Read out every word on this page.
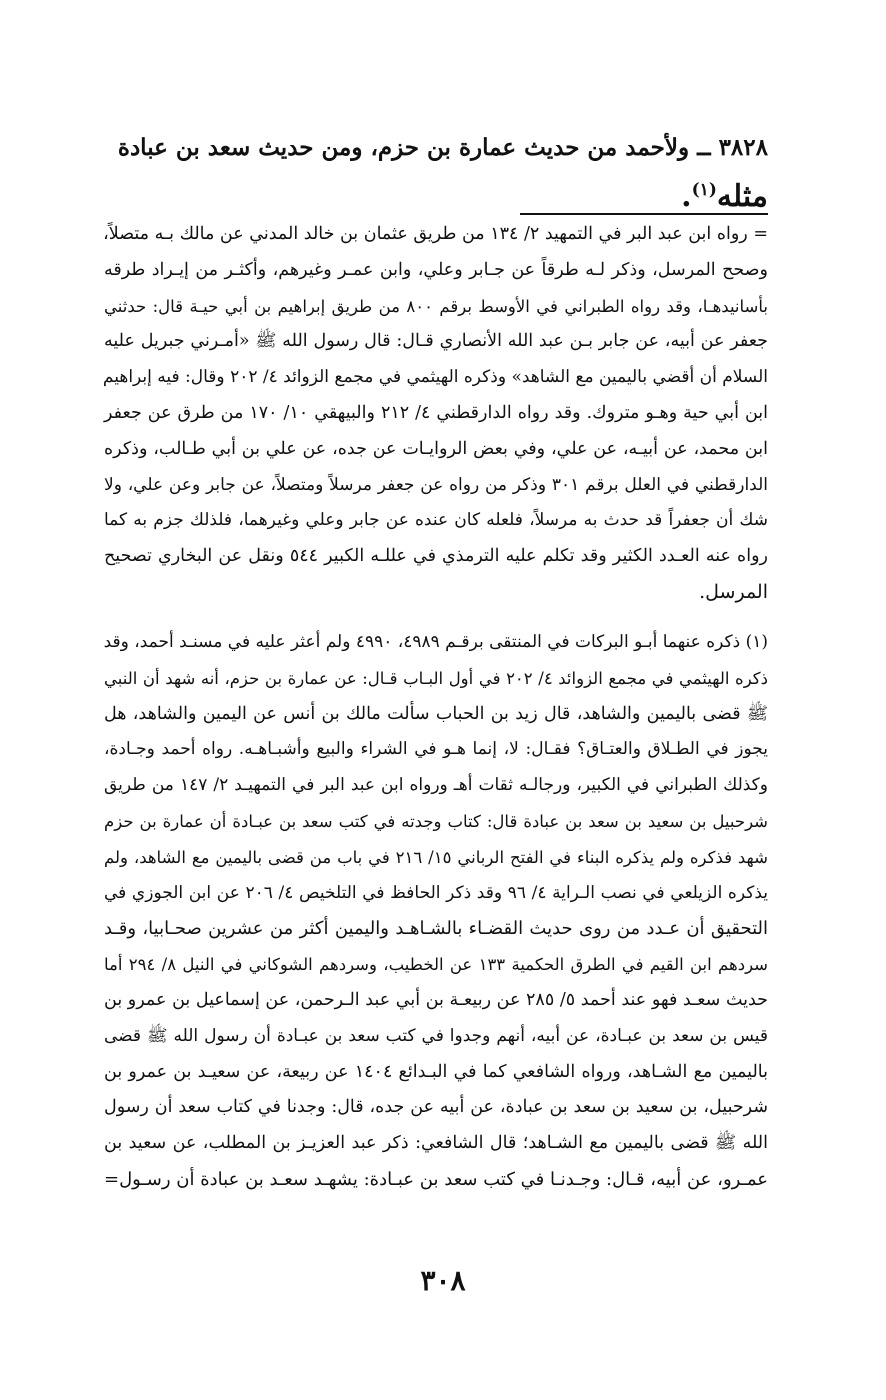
٣٨٢٨ ــ ولأحمد من حديث عمارة بن حزم، ومن حديث سعد بن عبادة
مثله$^{(١)}$.
= رواه ابن عبد البر في التمهيد ٢/ ١٣٤ من طريق عثمان بن خالد المدني عن مالك بـه متصلاً،
وصحح المرسل، وذكر لـه طرقاً عن جـابر وعلي، وابن عمـر وغيرهم، وأكثـر من إيـراد طرقه
بأسانيدهـا، وقد رواه الطبراني في الأوسط برقم ٨٠٠ من طريق إبراهيم بن أبي حيـة قال: حدثني
جعفر عن أبيه، عن جابر بـن عبد الله الأنصاري قـال: قال رسول الله ﷺ «أمـرني جبريل عليه
السلام أن أقضي باليمين مع الشاهد» وذكره الهيثمي في مجمع الزوائد ٤/ ٢٠٢ وقال: فيه إبراهيم
ابن أبي حية وهـو متروك. وقد رواه الدارقطني ٤/ ٢١٢ والبيهقي ١٠/ ١٧٠ من طرق عن جعفر
ابن محمد، عن أبيـه، عن علي، وفي بعض الروايـات عن جده، عن علي بن أبي طـالب، وذكره
الدارقطني في العلل برقم ٣٠١ وذكر من رواه عن جعفر مرسلاً ومتصلاً، عن جابر وعن علي، ولا
شك أن جعفراً قد حدث به مرسلاً، فلعله كان عنده عن جابر وعلي وغيرهما، فلذلك جزم به كما
رواه عنه العـدد الكثير وقد تكلم عليه الترمذي في عللـه الكبير ٥٤٤ ونقل عن البخاري تصحيح
المرسل.
(١) ذكره عنهما أبـو البركات في المنتقى برقـم ٤٩٨٩، ٤٩٩٠ ولم أعثر عليه في مسنـد أحمد، وقد
ذكره الهيثمي في مجمع الزوائد ٤/ ٢٠٢ في أول البـاب قـال: عن عمارة بن حزم، أنه شهد أن النبي
ﷺ قضى باليمين والشاهد، قال زيد بن الحباب سألت مالك بن أنس عن اليمين والشاهد، هل
يجوز في الطـلاق والعتـاق؟ فقـال: لا، إنما هـو في الشراء والبيع وأشبـاهـه. رواه أحمد وجـادة،
وكذلك الطبراني في الكبير، ورجالـه ثقات أهـ ورواه ابن عبد البر في التمهيـد ٢/ ١٤٧ من طريق
شرحبيل بن سعيد بن سعد بن عبادة قال: كتاب وجدته في كتب سعد بن عبـادة أن عمارة بن حزم
شهد فذكره ولم يذكره البناء في الفتح الرباني ١٥/ ٢١٦ في باب من قضى باليمين مع الشاهد، ولم
يذكره الزيلعي في نصب الـراية ٤/ ٩٦ وقد ذكر الحافظ في التلخيص ٤/ ٢٠٦ عن ابن الجوزي في
التحقيق أن عـدد من روى حديث القضـاء بالشـاهـد واليمين أكثر من عشرين صحـابيا، وقـد
سردهم ابن القيم في الطرق الحكمية ١٣٣ عن الخطيب، وسردهم الشوكاني في النيل ٨/ ٢٩٤ أما
حديث سعـد فهو عند أحمد ٥/ ٢٨٥ عن ربيعـة بن أبي عبد الـرحمن، عن إسماعيل بن عمرو بن
قيس بن سعد بن عبـادة، عن أبيه، أنهم وجدوا في كتب سعد بن عبـادة أن رسول الله ﷺ قضى
باليمين مع الشـاهد، ورواه الشافعي كما في البـدائع ١٤٠٤ عن ربيعة، عن سعيـد بن عمرو بن
شرحبيل، بن سعيد بن سعد بن عبادة، عن أبيه عن جده، قال: وجدنا في كتاب سعد أن رسول
الله ﷺ قضى باليمين مع الشـاهد؛ قال الشافعي: ذكر عبد العزيـز بن المطلب، عن سعيد بن
عمـرو، عن أبيه، قـال: وجـدنـا في كتب سعد بن عبـادة: يشهـد سعـد بن عبادة أن رسـول=
٣٠٨
